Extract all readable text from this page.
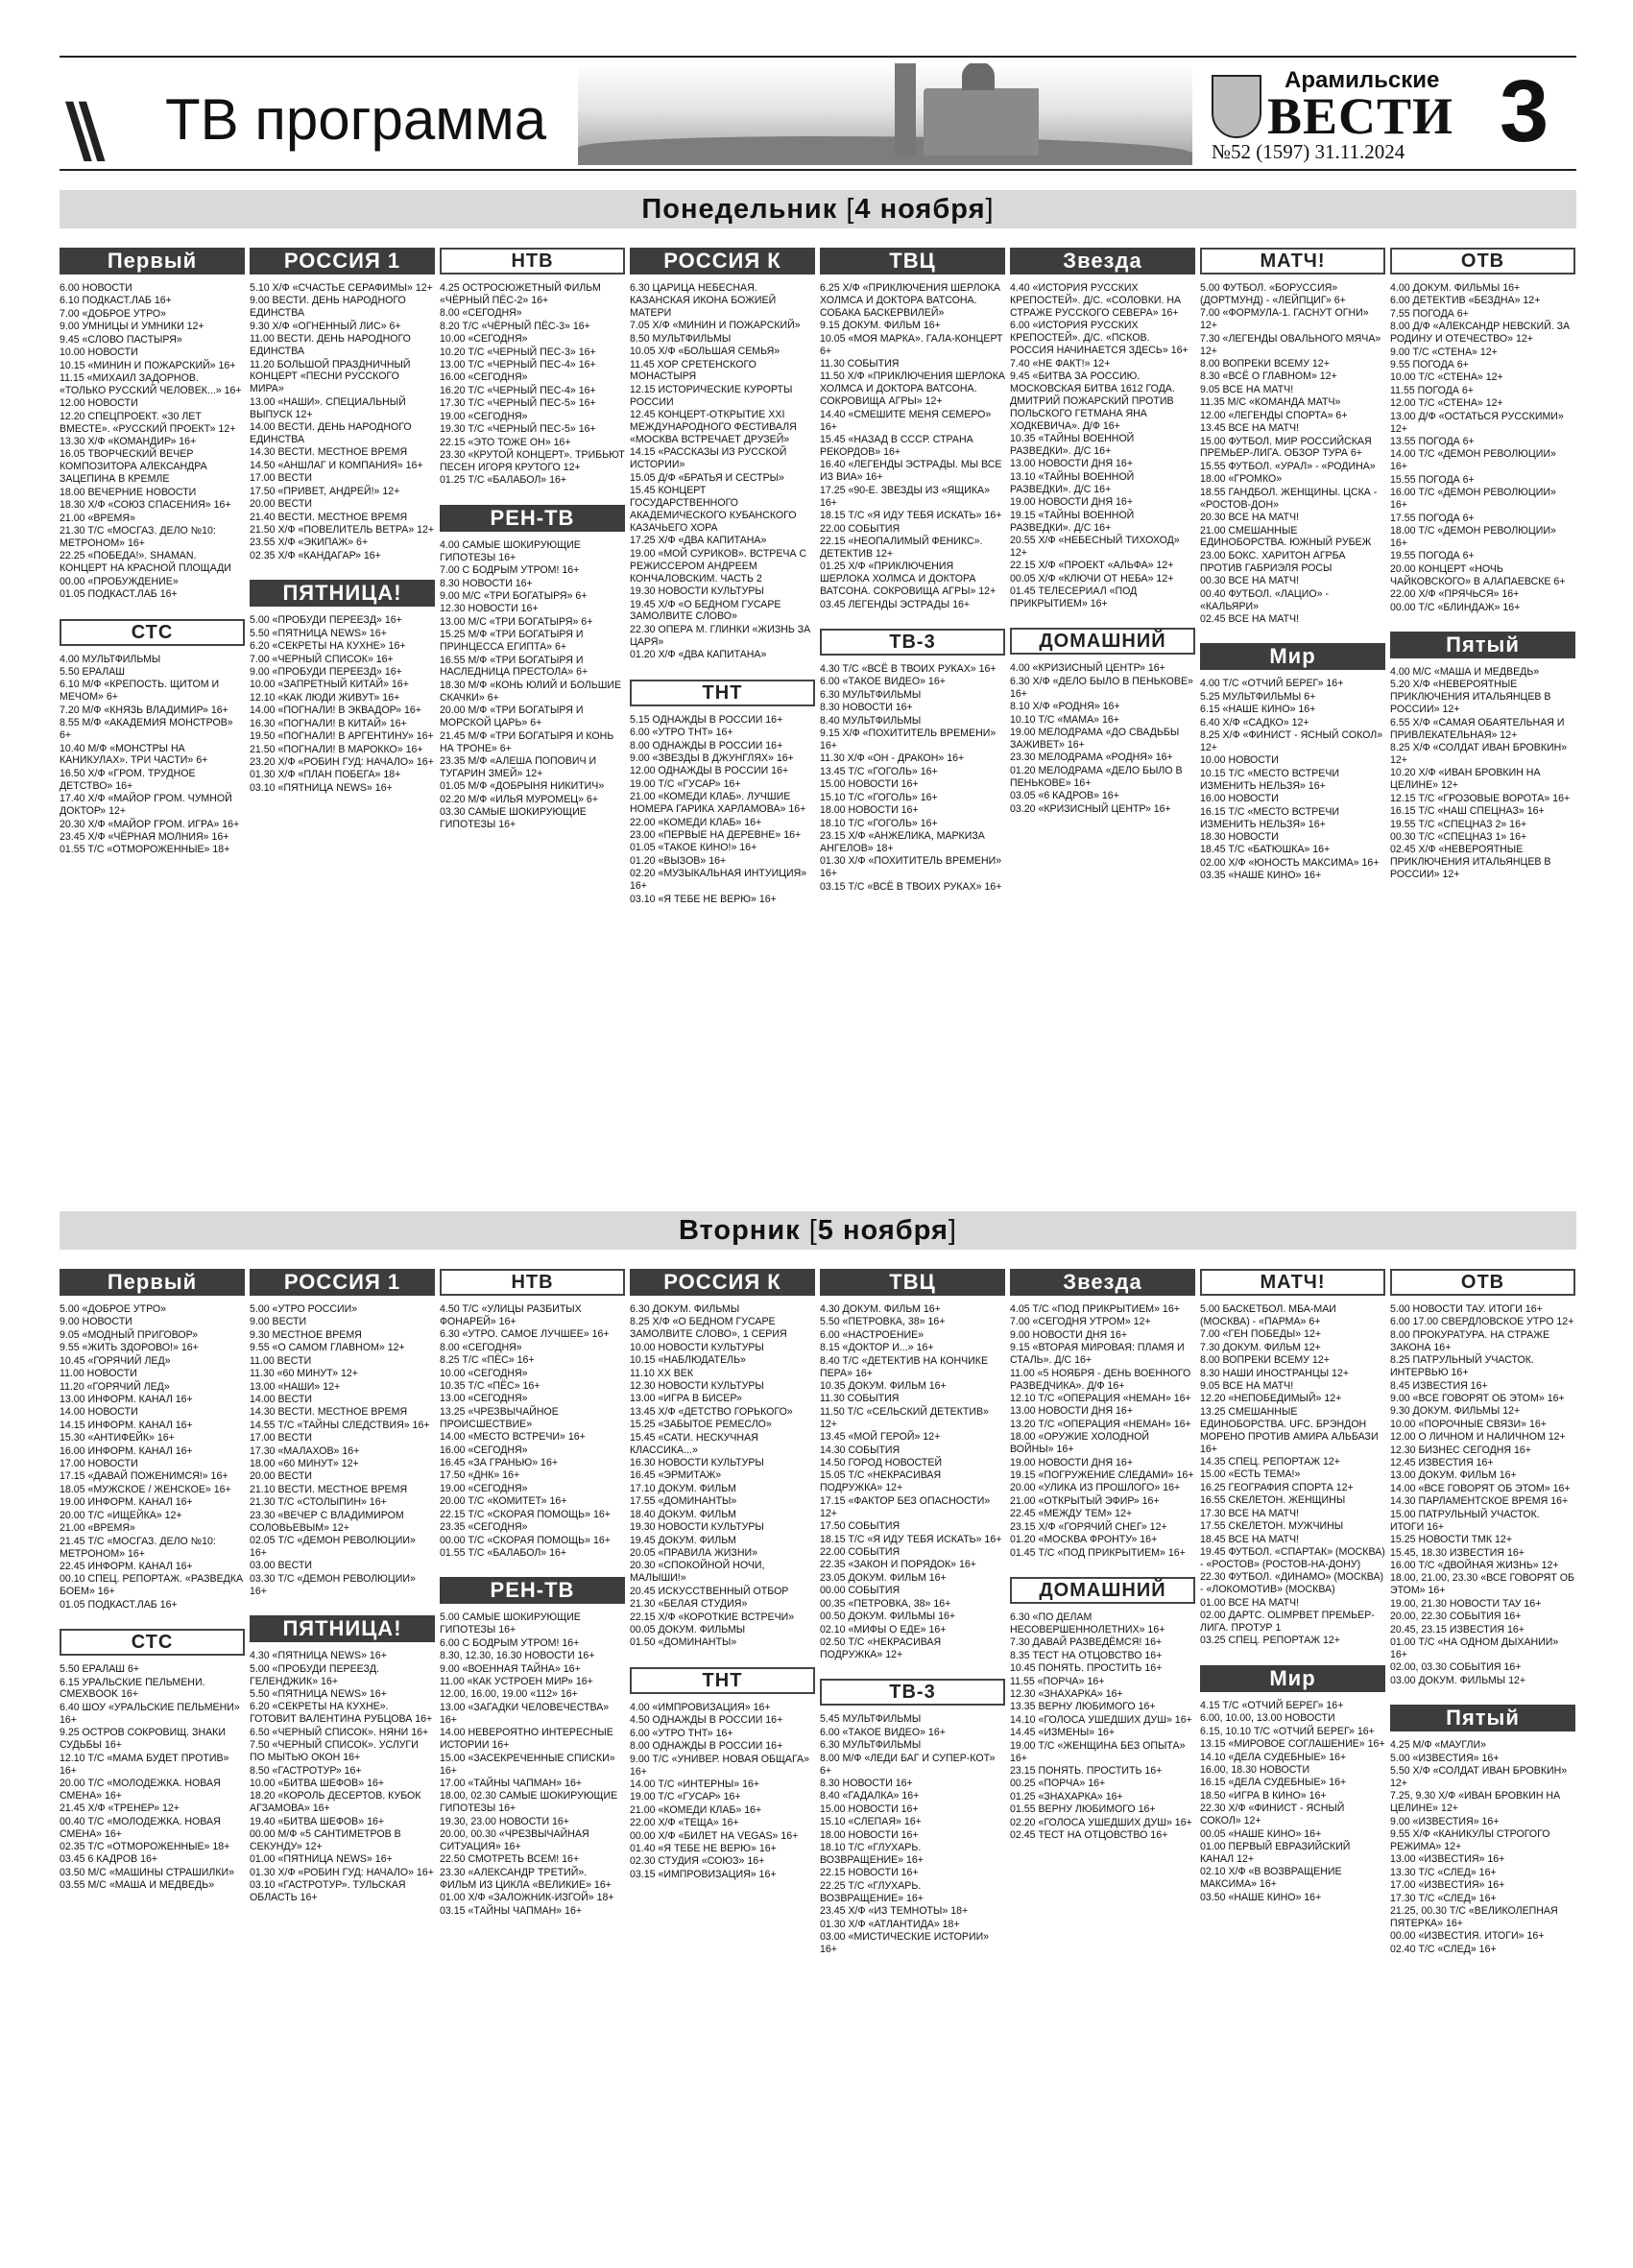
\\ ТВ программа
Арамильские
ВЕСТИ
№52 (1597) 31.11.2024 3
Понедельник [4 ноября]
Первый
6.00 НОВОСТИ
6.10 ПОДКАСТ.ЛАБ 16+
7.00 «ДОБРОЕ УТРО»
9.00 УМНИЦЫ И УМНИКИ 12+
9.45 «СЛОВО ПАСТЫРЯ»
10.00 НОВОСТИ
10.15 «МИНИН И ПОЖАРСКИЙ» 16+
11.15 «МИХАИЛ ЗАДОРНОВ. «ТОЛЬКО РУССКИЙ ЧЕЛОВЕК...» 16+
12.00 НОВОСТИ
12.20 СПЕЦПРОЕКТ. «30 ЛЕТ ВМЕСТЕ». «РУССКИЙ ПРОЕКТ» 12+
13.30 Х/Ф «КОМАНДИР» 16+
16.05 ТВОРЧЕСКИЙ ВЕЧЕР КОМПОЗИТОРА АЛЕКСАНДРА ЗАЦЕПИНА В КРЕМЛЕ
18.00 ВЕЧЕРНИЕ НОВОСТИ
18.30 Х/Ф «СОЮЗ СПАСЕНИЯ» 16+
21.00 «ВРЕМЯ»
21.30 Т/С «МОСГАЗ. ДЕЛО №10: МЕТРОНОМ» 16+
22.25 «ПОБЕДА!». SHAMAN. КОНЦЕРТ НА КРАСНОЙ ПЛОЩАДИ
00.00 «ПРОБУЖДЕНИЕ»
01.05 ПОДКАСТ.ЛАБ 16+
СТС
4.00 МУЛЬТФИЛЬМЫ
5.50 ЕРАЛАШ
6.10 М/Ф «КРЕПОСТЬ. ЩИТОМ И МЕЧОМ» 6+
7.20 М/Ф «КНЯЗЬ ВЛАДИМИР» 16+
8.55 М/Ф «АКАДЕМИЯ МОНСТРОВ» 6+
10.40 М/Ф «МОНСТРЫ НА КАНИКУЛАХ». ТРИ ЧАСТИ» 6+
16.50 Х/Ф «ГРОМ. ТРУДНОЕ ДЕТСТВО» 16+
17.40 Х/Ф «МАЙОР ГРОМ. ЧУМНОЙ ДОКТОР» 12+
20.30 Х/Ф «МАЙОР ГРОМ. ИГРА» 16+
23.45 Х/Ф «ЧЁРНАЯ МОЛНИЯ» 16+
01.55 Т/С «ОТМОРОЖЕННЫЕ» 18+
РОССИЯ 1
5.10 Х/Ф «СЧАСТЬЕ СЕРАФИМЫ» 12+
9.00 ВЕСТИ. ДЕНЬ НАРОДНОГО ЕДИНСТВА
9.30 Х/Ф «ОГНЕННЫЙ ЛИС» 6+
11.00 ВЕСТИ. ДЕНЬ НАРОДНОГО ЕДИНСТВА
11.20 БОЛЬШОЙ ПРАЗДНИЧНЫЙ КОНЦЕРТ «ПЕСНИ РУССКОГО МИРА»
13.00 «НАШИ». СПЕЦИАЛЬНЫЙ ВЫПУСК 12+
14.00 ВЕСТИ. ДЕНЬ НАРОДНОГО ЕДИНСТВА
14.30 ВЕСТИ. МЕСТНОЕ ВРЕМЯ
14.50 «АНШЛАГ И КОМПАНИЯ» 16+
17.00 ВЕСТИ
17.50 «ПРИВЕТ, АНДРЕЙ!» 12+
20.00 ВЕСТИ
21.40 ВЕСТИ. МЕСТНОЕ ВРЕМЯ
21.50 Х/Ф «ПОВЕЛИТЕЛЬ ВЕТРА» 12+
23.55 Х/Ф «ЭКИПАЖ» 6+
02.35 Х/Ф «КАНДАГАР» 16+
ПЯТНИЦА!
5.00 «ПРОБУДИ ПЕРЕЕЗД» 16+
5.50 «ПЯТНИЦА NEWS» 16+
6.20 «СЕКРЕТЫ НА КУХНЕ» 16+
7.00 «ЧЕРНЫЙ СПИСОК» 16+
9.00 «ПРОБУДИ ПЕРЕЕЗД» 16+
10.00 «ЗАПРЕТНЫЙ КИТАЙ» 16+
12.10 «КАК ЛЮДИ ЖИВУТ» 16+
14.00 «ПОГНАЛИ! В ЭКВАДОР» 16+
16.30 «ПОГНАЛИ! В КИТАЙ» 16+
19.50 «ПОГНАЛИ! В АРГЕНТИНУ» 16+
21.50 «ПОГНАЛИ! В МАРОККО» 16+
23.20 Х/Ф «РОБИН ГУД: НАЧАЛО» 16+
01.30 Х/Ф «ПЛАН ПОБЕГА» 18+
03.10 «ПЯТНИЦА NEWS» 16+
НТВ
4.25 ОСТРОСЮЖЕТНЫЙ ФИЛЬМ «ЧЁРНЫЙ ПЁС-2» 16+
8.00 «СЕГОДНЯ»
8.20 Т/С «ЧЁРНЫЙ ПЁС-3» 16+
10.00 «СЕГОДНЯ»
10.20 Т/С «ЧЕРНЫЙ ПЕС-3» 16+
13.00 Т/С «ЧЕРНЫЙ ПЕС-4» 16+
16.00 «СЕГОДНЯ»
16.20 Т/С «ЧЕРНЫЙ ПЕС-4» 16+
17.30 Т/С «ЧЕРНЫЙ ПЕС-5» 16+
19.00 «СЕГОДНЯ»
19.30 Т/С «ЧЕРНЫЙ ПЕС-5» 16+
22.15 «ЭТО ТОЖЕ ОН» 16+
23.30 «КРУТОЙ КОНЦЕРТ». ТРИБЬЮТ ПЕСЕН ИГОРЯ КРУТОГО 12+
01.25 Т/С «БАЛАБОЛ» 16+
РЕН-ТВ
4.00 САМЫЕ ШОКИРУЮЩИЕ ГИПОТЕЗЫ 16+
7.00 С БОДРЫМ УТРОМ! 16+
8.30 НОВОСТИ 16+
9.00 М/С «ТРИ БОГАТЫРЯ» 6+
12.30 НОВОСТИ 16+
13.00 М/С «ТРИ БОГАТЫРЯ» 6+
15.25 М/Ф «ТРИ БОГАТЫРЯ И ПРИНЦЕССА ЕГИПТА» 6+
16.55 М/Ф «ТРИ БОГАТЫРЯ И НАСЛЕДНИЦА ПРЕСТОЛА» 6+
18.30 М/Ф «КОНЬ ЮЛИЙ И БОЛЬШИЕ СКАЧКИ» 6+
20.00 М/Ф «ТРИ БОГАТЫРЯ И МОРСКОЙ ЦАРЬ» 6+
21.45 М/Ф «ТРИ БОГАТЫРЯ И КОНЬ НА ТРОНЕ» 6+
23.35 М/Ф «АЛЕША ПОПОВИЧ И ТУГАРИН ЗМЕЙ» 12+
01.05 М/Ф «ДОБРЫНЯ НИКИТИЧ»
02.20 М/Ф «ИЛЬЯ МУРОМЕЦ» 6+
03.30 САМЫЕ ШОКИРУЮЩИЕ ГИПОТЕЗЫ 16+
РОССИЯ К
6.30 ЦАРИЦА НЕБЕСНАЯ. КАЗАНСКАЯ ИКОНА БОЖИЕЙ МАТЕРИ
7.05 Х/Ф «МИНИН И ПОЖАРСКИЙ»
8.50 МУЛЬТФИЛЬМЫ
10.05 Х/Ф «БОЛЬШАЯ СЕМЬЯ»
11.45 ХОР СРЕТЕНСКОГО МОНАСТЫРЯ
12.15 ИСТОРИЧЕСКИЕ КУРОРТЫ РОССИИ
12.45 КОНЦЕРТ-ОТКРЫТИЕ XXI МЕЖДУНАРОДНОГО ФЕСТИВАЛЯ «МОСКВА ВСТРЕЧАЕТ ДРУЗЕЙ»
14.15 «РАССКАЗЫ ИЗ РУССКОЙ ИСТОРИИ»
15.05 Д/Ф «БРАТЬЯ И СЕСТРЫ»
15.45 КОНЦЕРТ ГОСУДАРСТВЕННОГО АКАДЕМИЧЕСКОГО КУБАНСКОГО КАЗАЧЬЕГО ХОРА
17.25 Х/Ф «ДВА КАПИТАНА»
19.00 «МОЙ СУРИКОВ». ВСТРЕЧА С РЕЖИССЕРОМ АНДРЕЕМ КОНЧАЛОВСКИМ. ЧАСТЬ 2
19.30 НОВОСТИ КУЛЬТУРЫ
19.45 Х/Ф «О БЕДНОМ ГУСАРЕ ЗАМОЛВИТЕ СЛОВО»
22.30 ОПЕРА М. ГЛИНКИ «ЖИЗНЬ ЗА ЦАРЯ»
01.20 Х/Ф «ДВА КАПИТАНА»
ТНТ
5.15 ОДНАЖДЫ В РОССИИ 16+
6.00 «УТРО ТНТ» 16+
8.00 ОДНАЖДЫ В РОССИИ 16+
9.00 «ЗВЕЗДЫ В ДЖУНГЛЯХ» 16+
12.00 ОДНАЖДЫ В РОССИИ 16+
19.00 Т/С «ГУСАР» 16+
21.00 «КОМЕДИ КЛАБ». ЛУЧШИЕ НОМЕРА ГАРИКА ХАРЛАМОВА» 16+
22.00 «КОМЕДИ КЛАБ» 16+
23.00 «ПЕРВЫЕ НА ДЕРЕВНЕ» 16+
01.05 «ТАКОЕ КИНО!» 16+
01.20 «ВЫЗОВ» 16+
02.20 «МУЗЫКАЛЬНАЯ ИНТУИЦИЯ» 16+
03.10 «Я ТЕБЕ НЕ ВЕРЮ» 16+
ТВЦ
6.25 Х/Ф «ПРИКЛЮЧЕНИЯ ШЕРЛОКА ХОЛМСА И ДОКТОРА ВАТСОНА. СОБАКА БАСКЕРВИЛЕЙ»
9.15 ДОКУМ. ФИЛЬМ 16+
10.05 «МОЯ МАРКА». ГАЛА-КОНЦЕРТ 6+
11.30 СОБЫТИЯ
11.50 Х/Ф «ПРИКЛЮЧЕНИЯ ШЕРЛОКА ХОЛМСА И ДОКТОРА ВАТСОНА. СОКРОВИЩА АГРЫ» 12+
14.40 «СМЕШИТЕ МЕНЯ СЕМЕРО» 16+
15.45 «НАЗАД В СССР. СТРАНА РЕКОРДОВ» 16+
16.40 «ЛЕГЕНДЫ ЭСТРАДЫ. МЫ ВСЕ ИЗ ВИА» 16+
17.25 «90-Е. ЗВЕЗДЫ ИЗ «ЯЩИКА» 16+
18.15 Т/С «Я ИДУ ТЕБЯ ИСКАТЬ» 16+
22.00 СОБЫТИЯ
22.15 «НЕОПАЛИМЫЙ ФЕНИКС». ДЕТЕКТИВ 12+
01.25 Х/Ф «ПРИКЛЮЧЕНИЯ ШЕРЛОКА ХОЛМСА И ДОКТОРА ВАТСОНА. СОКРОВИЩА АГРЫ» 12+
03.45 ЛЕГЕНДЫ ЭСТРАДЫ 16+
ТВ-3
4.30 Т/С «ВСЁ В ТВОИХ РУКАХ» 16+
6.00 «ТАКОЕ ВИДЕО» 16+
6.30 МУЛЬТФИЛЬМЫ
8.30 НОВОСТИ 16+
8.40 МУЛЬТФИЛЬМЫ
9.15 Х/Ф «ПОХИТИТЕЛЬ ВРЕМЕНИ» 16+
11.30 Х/Ф «ОН - ДРАКОН» 16+
13.45 Т/С «ГОГОЛЬ» 16+
15.00 НОВОСТИ 16+
15.10 Т/С «ГОГОЛЬ» 16+
18.00 НОВОСТИ 16+
18.10 Т/С «ГОГОЛЬ» 16+
23.15 Х/Ф «АНЖЕЛИКА, МАРКИЗА АНГЕЛОВ» 18+
01.30 Х/Ф «ПОХИТИТЕЛЬ ВРЕМЕНИ» 16+
03.15 Т/С «ВСЁ В ТВОИХ РУКАХ» 16+
Звезда
4.40 «ИСТОРИЯ РУССКИХ КРЕПОСТЕЙ». Д/С. «СОЛОВКИ. НА СТРАЖЕ РУССКОГО СЕВЕРА» 16+
6.00 «ИСТОРИЯ РУССКИХ КРЕПОСТЕЙ». Д/С. «ПСКОВ. РОССИЯ НАЧИНАЕТСЯ ЗДЕСЬ» 16+
7.40 «НЕ ФАКТ!» 12+
9.45 «БИТВА ЗА РОССИЮ. МОСКОВСКАЯ БИТВА 1612 ГОДА. ДМИТРИЙ ПОЖАРСКИЙ ПРОТИВ ПОЛЬСКОГО ГЕТМАНА ЯНА ХОДКЕВИЧА». Д/Ф 16+
10.35 «ТАЙНЫ ВОЕННОЙ РАЗВЕДКИ». Д/С 16+
13.00 НОВОСТИ ДНЯ 16+
13.10 «ТАЙНЫ ВОЕННОЙ РАЗВЕДКИ». Д/С 16+
19.00 НОВОСТИ ДНЯ 16+
19.15 «ТАЙНЫ ВОЕННОЙ РАЗВЕДКИ». Д/С 16+
20.55 Х/Ф «НЕБЕСНЫЙ ТИХОХОД» 12+
22.15 Х/Ф «ПРОЕКТ «АЛЬФА» 12+
00.05 Х/Ф «КЛЮЧИ ОТ НЕБА» 12+
01.45 ТЕЛЕСЕРИАЛ «ПОД ПРИКРЫТИЕМ» 16+
ДОМАШНИЙ
4.00 «КРИЗИСНЫЙ ЦЕНТР» 16+
6.30 Х/Ф «ДЕЛО БЫЛО В ПЕНЬКОВЕ» 16+
8.10 Х/Ф «РОДНЯ» 16+
10.10 Т/С «МАМА» 16+
19.00 МЕЛОДРАМА «ДО СВАДЬБЫ ЗАЖИВЕТ» 16+
23.30 МЕЛОДРАМА «РОДНЯ» 16+
01.20 МЕЛОДРАМА «ДЕЛО БЫЛО В ПЕНЬКОВЕ» 16+
03.05 «6 КАДРОВ» 16+
03.20 «КРИЗИСНЫЙ ЦЕНТР» 16+
МАТЧ!
5.00 ФУТБОЛ. «БОРУССИЯ» (ДОРТМУНД) - «ЛЕЙПЦИГ» 6+
7.00 «ФОРМУЛА-1. ГАСНУТ ОГНИ» 12+
7.30 «ЛЕГЕНДЫ ОВАЛЬНОГО МЯЧА» 12+
8.00 ВОПРЕКИ ВСЕМУ 12+
8.30 «ВСЁ О ГЛАВНОМ» 12+
9.05 ВСЕ НА МАТЧ!
11.35 М/С «КОМАНДА МАТЧ»
12.00 «ЛЕГЕНДЫ СПОРТА» 6+
13.45 ВСЕ НА МАТЧ!
15.00 ФУТБОЛ. МИР РОССИЙСКАЯ ПРЕМЬЕР-ЛИГА. ОБЗОР ТУРА 6+
15.55 ФУТБОЛ. «УРАЛ» - «РОДИНА»
18.00 «ГРОМКО»
18.55 ГАНДБОЛ. ЖЕНЩИНЫ. ЦСКА - «РОСТОВ-ДОН»
20.30 ВСЕ НА МАТЧ!
21.00 СМЕШАННЫЕ ЕДИНОБОРСТВА. ЮЖНЫЙ РУБЕЖ
23.00 БОКС. ХАРИТОН АГРБА ПРОТИВ ГАБРИЭЛЯ РОСЫ
00.30 ВСЕ НА МАТЧ!
00.40 ФУТБОЛ. «ЛАЦИО» - «КАЛЬЯРИ»
02.45 ВСЕ НА МАТЧ!
Мир
4.00 Т/С «ОТЧИЙ БЕРЕГ» 16+
5.25 МУЛЬТФИЛЬМЫ 6+
6.15 «НАШЕ КИНО» 16+
6.40 Х/Ф «САДКО» 12+
8.25 Х/Ф «ФИНИСТ - ЯСНЫЙ СОКОЛ» 12+
10.00 НОВОСТИ
10.15 Т/С «МЕСТО ВСТРЕЧИ ИЗМЕНИТЬ НЕЛЬЗЯ» 16+
16.00 НОВОСТИ
16.15 Т/С «МЕСТО ВСТРЕЧИ ИЗМЕНИТЬ НЕЛЬЗЯ» 16+
18.30 НОВОСТИ
18.45 Т/С «БАТЮШКА» 16+
02.00 Х/Ф «ЮНОСТЬ МАКСИМА» 16+
03.35 «НАШЕ КИНО» 16+
ОТВ
4.00 ДОКУМ. ФИЛЬМЫ 16+
6.00 ДЕТЕКТИВ «БЕЗДНА» 12+
7.55 ПОГОДА 6+
8.00 Д/Ф «АЛЕКСАНДР НЕВСКИЙ. ЗА РОДИНУ И ОТЕЧЕСТВО» 12+
9.00 Т/С «СТЕНА» 12+
9.55 ПОГОДА 6+
10.00 Т/С «СТЕНА» 12+
11.55 ПОГОДА 6+
12.00 Т/С «СТЕНА» 12+
13.00 Д/Ф «ОСТАТЬСЯ РУССКИМИ» 12+
13.55 ПОГОДА 6+
14.00 Т/С «ДЕМОН РЕВОЛЮЦИИ» 16+
15.55 ПОГОДА 6+
16.00 Т/С «ДЕМОН РЕВОЛЮЦИИ» 16+
17.55 ПОГОДА 6+
18.00 Т/С «ДЕМОН РЕВОЛЮЦИИ» 16+
19.55 ПОГОДА 6+
20.00 КОНЦЕРТ «НОЧЬ ЧАЙКОВСКОГО» В АЛАПАЕВСКЕ 6+
22.00 Х/Ф «ПРЯЧЬСЯ» 16+
00.00 Т/С «БЛИНДАЖ» 16+
Пятый
4.00 М/С «МАША И МЕДВЕДЬ»
5.20 Х/Ф «НЕВЕРОЯТНЫЕ ПРИКЛЮЧЕНИЯ ИТАЛЬЯНЦЕВ В РОССИИ» 12+
6.55 Х/Ф «САМАЯ ОБАЯТЕЛЬНАЯ И ПРИВЛЕКАТЕЛЬНАЯ» 12+
8.25 Х/Ф «СОЛДАТ ИВАН БРОВКИН» 12+
10.20 Х/Ф «ИВАН БРОВКИН НА ЦЕЛИНЕ» 12+
12.15 Т/С «ГРОЗОВЫЕ ВОРОТА» 16+
16.15 Т/С «НАШ СПЕЦНАЗ» 16+
19.55 Т/С «СПЕЦНАЗ 2» 16+
00.30 Т/С «СПЕЦНАЗ 1» 16+
02.45 Х/Ф «НЕВЕРОЯТНЫЕ ПРИКЛЮЧЕНИЯ ИТАЛЬЯНЦЕВ В РОССИИ» 12+
Вторник [5 ноября]
Первый
5.00 «ДОБРОЕ УТРО»
9.00 НОВОСТИ
9.05 «МОДНЫЙ ПРИГОВОР»
9.55 «ЖИТЬ ЗДОРОВО!» 16+
10.45 «ГОРЯЧИЙ ЛЕД»
11.00 НОВОСТИ
11.20 «ГОРЯЧИЙ ЛЕД»
13.00 ИНФОРМ. КАНАЛ 16+
14.00 НОВОСТИ
14.15 ИНФОРМ. КАНАЛ 16+
15.30 «АНТИФЕЙК» 16+
16.00 ИНФОРМ. КАНАЛ 16+
17.00 НОВОСТИ
17.15 «ДАВАЙ ПОЖЕНИМСЯ!» 16+
18.05 «МУЖСКОЕ / ЖЕНСКОЕ» 16+
19.00 ИНФОРМ. КАНАЛ 16+
20.00 Т/С «ИЩЕЙКА» 12+
21.00 «ВРЕМЯ»
21.45 Т/С «МОСГАЗ. ДЕЛО №10: МЕТРОНОМ» 16+
22.45 ИНФОРМ. КАНАЛ 16+
00.10 СПЕЦ. РЕПОРТАЖ. «РАЗВЕДКА БОЕМ» 16+
01.05 ПОДКАСТ.ЛАБ 16+
СТС
5.50 ЕРАЛАШ 6+
6.15 УРАЛЬСКИЕ ПЕЛЬМЕНИ. СМЕХBOOK 16+
6.40 ШОУ «УРАЛЬСКИЕ ПЕЛЬМЕНИ» 16+
9.25 ОСТРОВ СОКРОВИЩ. ЗНАКИ СУДЬБЫ 16+
12.10 Т/С «МАМА БУДЕТ ПРОТИВ» 16+
20.00 Т/С «МОЛОДЕЖКА. НОВАЯ СМЕНА» 16+
21.45 Х/Ф «ТРЕНЕР» 12+
00.40 Т/С «МОЛОДЕЖКА. НОВАЯ СМЕНА» 16+
02.35 Т/С «ОТМОРОЖЕННЫЕ» 18+
03.45 6 КАДРОВ 16+
03.50 М/С «МАШИНЫ СТРАШИЛКИ»
03.55 М/С «МАША И МЕДВЕДЬ»
РОССИЯ 1
5.00 «УТРО РОССИИ»
9.00 ВЕСТИ
9.30 МЕСТНОЕ ВРЕМЯ
9.55 «О САМОМ ГЛАВНОМ» 12+
11.00 ВЕСТИ
11.30 «60 МИНУТ» 12+
13.00 «НАШИ» 12+
14.00 ВЕСТИ
14.30 ВЕСТИ. МЕСТНОЕ ВРЕМЯ
14.55 Т/С «ТАЙНЫ СЛЕДСТВИЯ» 16+
17.00 ВЕСТИ
17.30 «МАЛАХОВ» 16+
18.00 «60 МИНУТ» 12+
20.00 ВЕСТИ
21.10 ВЕСТИ. МЕСТНОЕ ВРЕМЯ
21.30 Т/С «СТОЛЫПИН» 16+
23.30 «ВЕЧЕР С ВЛАДИМИРОМ СОЛОВЬЕВЫМ» 12+
02.05 Т/С «ДЕМОН РЕВОЛЮЦИИ» 16+
03.00 ВЕСТИ
03.30 Т/С «ДЕМОН РЕВОЛЮЦИИ» 16+
ПЯТНИЦА!
4.30 «ПЯТНИЦА NEWS» 16+
5.00 «ПРОБУДИ ПЕРЕЕЗД. ГЕЛЕНДЖИК» 16+
5.50 «ПЯТНИЦА NEWS» 16+
6.20 «СЕКРЕТЫ НА КУХНЕ». ГОТОВИТ ВАЛЕНТИНА РУБЦОВА 16+
6.50 «ЧЕРНЫЙ СПИСОК». НЯНИ 16+
7.50 «ЧЕРНЫЙ СПИСОК». УСЛУГИ ПО МЫТЬЮ ОКОН 16+
8.50 «ГАСТРОТУР» 16+
10.00 «БИТВА ШЕФОВ» 16+
18.20 «КОРОЛЬ ДЕСЕРТОВ. КУБОК АГЗАМОВА» 16+
19.40 «БИТВА ШЕФОВ» 16+
00.00 М/Ф «5 САНТИМЕТРОВ В СЕКУНДУ» 12+
01.00 «ПЯТНИЦА NEWS» 16+
01.30 Х/Ф «РОБИН ГУД: НАЧАЛО» 16+
03.10 «ГАСТРОТУР». ТУЛЬСКАЯ ОБЛАСТЬ 16+
НТВ
4.50 Т/С «УЛИЦЫ РАЗБИТЫХ ФОНАРЕЙ» 16+
6.30 «УТРО. САМОЕ ЛУЧШЕЕ» 16+
8.00 «СЕГОДНЯ»
8.25 Т/С «ПЁС» 16+
10.00 «СЕГОДНЯ»
10.35 Т/С «ПЁС» 16+
13.00 «СЕГОДНЯ»
13.25 «ЧРЕЗВЫЧАЙНОЕ ПРОИСШЕСТВИЕ»
14.00 «МЕСТО ВСТРЕЧИ» 16+
16.00 «СЕГОДНЯ»
16.45 «ЗА ГРАНЬЮ» 16+
17.50 «ДНК» 16+
19.00 «СЕГОДНЯ»
20.00 Т/С «КОМИТЕТ» 16+
22.15 Т/С «СКОРАЯ ПОМОЩЬ» 16+
23.35 «СЕГОДНЯ»
00.00 Т/С «СКОРАЯ ПОМОЩЬ» 16+
01.55 Т/С «БАЛАБОЛ» 16+
РЕН-ТВ
5.00 САМЫЕ ШОКИРУЮЩИЕ ГИПОТЕЗЫ 16+
6.00 С БОДРЫМ УТРОМ! 16+
8.30, 12.30, 16.30 НОВОСТИ 16+
9.00 «ВОЕННАЯ ТАЙНА» 16+
11.00 «КАК УСТРОЕН МИР» 16+
12.00, 16.00, 19.00 «112» 16+
13.00 «ЗАГАДКИ ЧЕЛОВЕЧЕСТВА» 16+
14.00 НЕВЕРОЯТНО ИНТЕРЕСНЫЕ ИСТОРИИ 16+
15.00 «ЗАСЕКРЕЧЕННЫЕ СПИСКИ» 16+
17.00 «ТАЙНЫ ЧАПМАН» 16+
18.00, 02.30 САМЫЕ ШОКИРУЮЩИЕ ГИПОТЕЗЫ 16+
19.30, 23.00 НОВОСТИ 16+
20.00, 00.30 «ЧРЕЗВЫЧАЙНАЯ СИТУАЦИЯ» 16+
22.50 СМОТРЕТЬ ВСЕМ! 16+
23.30 «АЛЕКСАНДР ТРЕТИЙ». ФИЛЬМ ИЗ ЦИКЛА «ВЕЛИКИЕ» 16+
01.00 Х/Ф «ЗАЛОЖНИК-ИЗГОЙ» 18+
03.15 «ТАЙНЫ ЧАПМАН» 16+
РОССИЯ К
6.30 ДОКУМ. ФИЛЬМЫ
8.25 Х/Ф «О БЕДНОМ ГУСАРЕ ЗАМОЛВИТЕ СЛОВО», 1 СЕРИЯ
10.00 НОВОСТИ КУЛЬТУРЫ
10.15 «НАБЛЮДАТЕЛЬ»
11.10 ХХ ВЕК
12.30 НОВОСТИ КУЛЬТУРЫ
13.00 «ИГРА В БИСЕР»
13.45 Х/Ф «ДЕТСТВО ГОРЬКОГО»
15.25 «ЗАБЫТОЕ РЕМЕСЛО»
15.45 «САТИ. НЕСКУЧНАЯ КЛАССИКА...»
16.30 НОВОСТИ КУЛЬТУРЫ
16.45 «ЭРМИТАЖ»
17.10 ДОКУМ. ФИЛЬМ
17.55 «ДОМИНАНТЫ»
18.40 ДОКУМ. ФИЛЬМ
19.30 НОВОСТИ КУЛЬТУРЫ
19.45 ДОКУМ. ФИЛЬМ
20.05 «ПРАВИЛА ЖИЗНИ»
20.30 «СПОКОЙНОЙ НОЧИ, МАЛЫШИ!»
20.45 ИСКУССТВЕННЫЙ ОТБОР
21.30 «БЕЛАЯ СТУДИЯ»
22.15 Х/Ф «КОРОТКИЕ ВСТРЕЧИ»
00.05 ДОКУМ. ФИЛЬМЫ
01.50 «ДОМИНАНТЫ»
ТНТ
4.00 «ИМПРОВИЗАЦИЯ» 16+
4.50 ОДНАЖДЫ В РОССИИ 16+
6.00 «УТРО ТНТ» 16+
8.00 ОДНАЖДЫ В РОССИИ 16+
9.00 Т/С «УНИВЕР. НОВАЯ ОБЩАГА» 16+
14.00 Т/С «ИНТЕРНЫ» 16+
19.00 Т/С «ГУСАР» 16+
21.00 «КОМЕДИ КЛАБ» 16+
22.00 Х/Ф «ТЕЩА» 16+
00.00 Х/Ф «БИЛЕТ НА VEGAS» 16+
01.40 «Я ТЕБЕ НЕ ВЕРЮ» 16+
02.30 СТУДИЯ «СОЮЗ» 16+
03.15 «ИМПРОВИЗАЦИЯ» 16+
ТВЦ
4.30 ДОКУМ. ФИЛЬМ 16+
5.50 «ПЕТРОВКА, 38» 16+
6.00 «НАСТРОЕНИЕ»
8.15 «ДОКТОР И...» 16+
8.40 Т/С «ДЕТЕКТИВ НА КОНЧИКЕ ПЕРА» 16+
10.35 ДОКУМ. ФИЛЬМ 16+
11.30 СОБЫТИЯ
11.50 Т/С «СЕЛЬСКИЙ ДЕТЕКТИВ» 12+
13.45 «МОЙ ГЕРОЙ» 12+
14.30 СОБЫТИЯ
14.50 ГОРОД НОВОСТЕЙ
15.05 Т/С «НЕКРАСИВАЯ ПОДРУЖКА» 12+
17.15 «ФАКТОР БЕЗ ОПАСНОСТИ» 12+
17.50 СОБЫТИЯ
18.15 Т/С «Я ИДУ ТЕБЯ ИСКАТЬ» 16+
22.00 СОБЫТИЯ
22.35 «ЗАКОН И ПОРЯДОК» 16+
23.05 ДОКУМ. ФИЛЬМ 16+
00.00 СОБЫТИЯ
00.35 «ПЕТРОВКА, 38» 16+
00.50 ДОКУМ. ФИЛЬМЫ 16+
02.10 «МИФЫ О ЕДЕ» 16+
02.50 Т/С «НЕКРАСИВАЯ ПОДРУЖКА» 12+
ТВ-3
5.45 МУЛЬТФИЛЬМЫ
6.00 «ТАКОЕ ВИДЕО» 16+
6.30 МУЛЬТФИЛЬМЫ
8.00 М/Ф «ЛЕДИ БАГ И СУПЕР-КОТ» 6+
8.30 НОВОСТИ 16+
8.40 «ГАДАЛКА» 16+
15.00 НОВОСТИ 16+
15.10 «СЛЕПАЯ» 16+
18.00 НОВОСТИ 16+
18.10 Т/С «ГЛУХАРЬ. ВОЗВРАЩЕНИЕ» 16+
22.15 НОВОСТИ 16+
22.25 Т/С «ГЛУХАРЬ. ВОЗВРАЩЕНИЕ» 16+
23.45 Х/Ф «ИЗ ТЕМНОТЫ» 18+
01.30 Х/Ф «АТЛАНТИДА» 18+
03.00 «МИСТИЧЕСКИЕ ИСТОРИИ» 16+
Звезда
4.05 Т/С «ПОД ПРИКРЫТИЕМ» 16+
7.00 «СЕГОДНЯ УТРОМ» 12+
9.00 НОВОСТИ ДНЯ 16+
9.15 «ВТОРАЯ МИРОВАЯ: ПЛАМЯ И СТАЛЬ». Д/С 16+
11.00 «5 НОЯБРЯ - ДЕНЬ ВОЕННОГО РАЗВЕДЧИКА». Д/Ф 16+
12.10 Т/С «ОПЕРАЦИЯ «НЕМАН» 16+
13.00 НОВОСТИ ДНЯ 16+
13.20 Т/С «ОПЕРАЦИЯ «НЕМАН» 16+
18.00 «ОРУЖИЕ ХОЛОДНОЙ ВОЙНЫ» 16+
19.00 НОВОСТИ ДНЯ 16+
19.15 «ПОГРУЖЕНИЕ СЛЕДАМИ» 16+
20.00 «УЛИКА ИЗ ПРОШЛОГО» 16+
21.00 «ОТКРЫТЫЙ ЭФИР» 16+
22.45 «МЕЖДУ ТЕМ» 12+
23.15 Х/Ф «ГОРЯЧИЙ СНЕГ» 12+
01.20 «МОСКВА ФРОНТУ» 16+
01.45 Т/С «ПОД ПРИКРЫТИЕМ» 16+
ДОМАШНИЙ
6.30 «ПО ДЕЛАМ НЕСОВЕРШЕННОЛЕТНИХ» 16+
7.30 ДАВАЙ РАЗВЕДЁМСЯ! 16+
8.35 ТЕСТ НА ОТЦОВСТВО 16+
10.45 ПОНЯТЬ. ПРОСТИТЬ 16+
11.55 «ПОРЧА» 16+
12.30 «ЗНАХАРКА» 16+
13.35 ВЕРНУ ЛЮБИМОГО 16+
14.10 «ГОЛОСА УШЕДШИХ ДУШ» 16+
14.45 «ИЗМЕНЫ» 16+
19.00 Т/С «ЖЕНЩИНА БЕЗ ОПЫТА» 16+
23.15 ПОНЯТЬ. ПРОСТИТЬ 16+
00.25 «ПОРЧА» 16+
01.25 «ЗНАХАРКА» 16+
01.55 ВЕРНУ ЛЮБИМОГО 16+
02.20 «ГОЛОСА УШЕДШИХ ДУШ» 16+
02.45 ТЕСТ НА ОТЦОВСТВО 16+
МАТЧ!
5.00 БАСКЕТБОЛ. МБА-МАИ (МОСКВА) - «ПАРМА» 6+
7.00 «ГЕН ПОБЕДЫ» 12+
7.30 ДОКУМ. ФИЛЬМ 12+
8.00 ВОПРЕКИ ВСЕМУ 12+
8.30 НАШИ ИНОСТРАНЦЫ 12+
9.05 ВСЕ НА МАТЧ!
12.20 «НЕПОБЕДИМЫЙ» 12+
13.25 СМЕШАННЫЕ ЕДИНОБОРСТВА. UFC. БРЭНДОН МОРЕНО ПРОТИВ АМИРА АЛЬБАЗИ 16+
14.35 СПЕЦ. РЕПОРТАЖ 12+
15.00 «ЕСТЬ ТЕМА!»
16.25 ГЕОГРАФИЯ СПОРТА 12+
16.55 СКЕЛЕТОН. ЖЕНЩИНЫ
17.30 ВСЕ НА МАТЧ!
17.55 СКЕЛЕТОН. МУЖЧИНЫ
18.45 ВСЕ НА МАТЧ!
19.45 ФУТБОЛ. «СПАРТАК» (МОСКВА) - «РОСТОВ» (РОСТОВ-НА-ДОНУ)
22.30 ФУТБОЛ. «ДИНАМО» (МОСКВА) - «ЛОКОМОТИВ» (МОСКВА)
01.00 ВСЕ НА МАТЧ!
02.00 ДАРТС. OLIMPBET ПРЕМЬЕР-ЛИГА. ПРОТУР 1
03.25 СПЕЦ. РЕПОРТАЖ 12+
Мир
4.15 Т/С «ОТЧИЙ БЕРЕГ» 16+
6.00, 10.00, 13.00 НОВОСТИ
6.15, 10.10 Т/С «ОТЧИЙ БЕРЕГ» 16+
13.15 «МИРОВОЕ СОГЛАШЕНИЕ» 16+
14.10 «ДЕЛА СУДЕБНЫЕ» 16+
16.00, 18.30 НОВОСТИ
16.15 «ДЕЛА СУДЕБНЫЕ» 16+
18.50 «ИГРА В КИНО» 16+
22.30 Х/Ф «ФИНИСТ - ЯСНЫЙ СОКОЛ» 12+
00.05 «НАШЕ КИНО» 16+
01.00 ПЕРВЫЙ ЕВРАЗИЙСКИЙ КАНАЛ 12+
02.10 Х/Ф «В ВОЗВРАЩЕНИЕ МАКСИМА» 16+
03.50 «НАШЕ КИНО» 16+
ОТВ
5.00 НОВОСТИ ТАУ. ИТОГИ 16+
6.00 17.00 СВЕРДЛОВСКОЕ УТРО 12+
8.00 ПРОКУРАТУРА. НА СТРАЖЕ ЗАКОНА 16+
8.25 ПАТРУЛЬНЫЙ УЧАСТОК. ИНТЕРВЬЮ 16+
8.45 ИЗВЕСТИЯ 16+
9.00 «ВСЕ ГОВОРЯТ ОБ ЭТОМ» 16+
9.30 ДОКУМ. ФИЛЬМЫ 12+
10.00 «ПОРОЧНЫЕ СВЯЗИ» 16+
12.00 О ЛИЧНОМ И НАЛИЧНОМ 12+
12.30 БИЗНЕС СЕГОДНЯ 16+
12.45 ИЗВЕСТИЯ 16+
13.00 ДОКУМ. ФИЛЬМ 16+
14.00 «ВСЕ ГОВОРЯТ ОБ ЭТОМ» 16+
14.30 ПАРЛАМЕНТСКОЕ ВРЕМЯ 16+
15.00 ПАТРУЛЬНЫЙ УЧАСТОК. ИТОГИ 16+
15.25 НОВОСТИ ТМК 12+
15.45, 18.30 ИЗВЕСТИЯ 16+
16.00 Т/С «ДВОЙНАЯ ЖИЗНЬ» 12+
18.00, 21.00, 23.30 «ВСЕ ГОВОРЯТ ОБ ЭТОМ» 16+
19.00, 21.30 НОВОСТИ ТАУ 16+
20.00, 22.30 СОБЫТИЯ 16+
20.45, 23.15 ИЗВЕСТИЯ 16+
01.00 Т/С «НА ОДНОМ ДЫХАНИИ» 16+
02.00, 03.30 СОБЫТИЯ 16+
03.00 ДОКУМ. ФИЛЬМЫ 12+
Пятый
4.25 М/Ф «МАУГЛИ»
5.00 «ИЗВЕСТИЯ» 16+
5.50 Х/Ф «СОЛДАТ ИВАН БРОВКИН» 12+
7.25, 9.30 Х/Ф «ИВАН БРОВКИН НА ЦЕЛИНЕ» 12+
9.00 «ИЗВЕСТИЯ» 16+
9.55 Х/Ф «КАНИКУЛЫ СТРОГОГО РЕЖИМА» 12+
13.00 «ИЗВЕСТИЯ» 16+
13.30 Т/С «СЛЕД» 16+
17.00 «ИЗВЕСТИЯ» 16+
17.30 Т/С «СЛЕД» 16+
21.25, 00.30 Т/С «ВЕЛИКОЛЕПНАЯ ПЯТЕРКА» 16+
00.00 «ИЗВЕСТИЯ. ИТОГИ» 16+
02.40 Т/С «СЛЕД» 16+
